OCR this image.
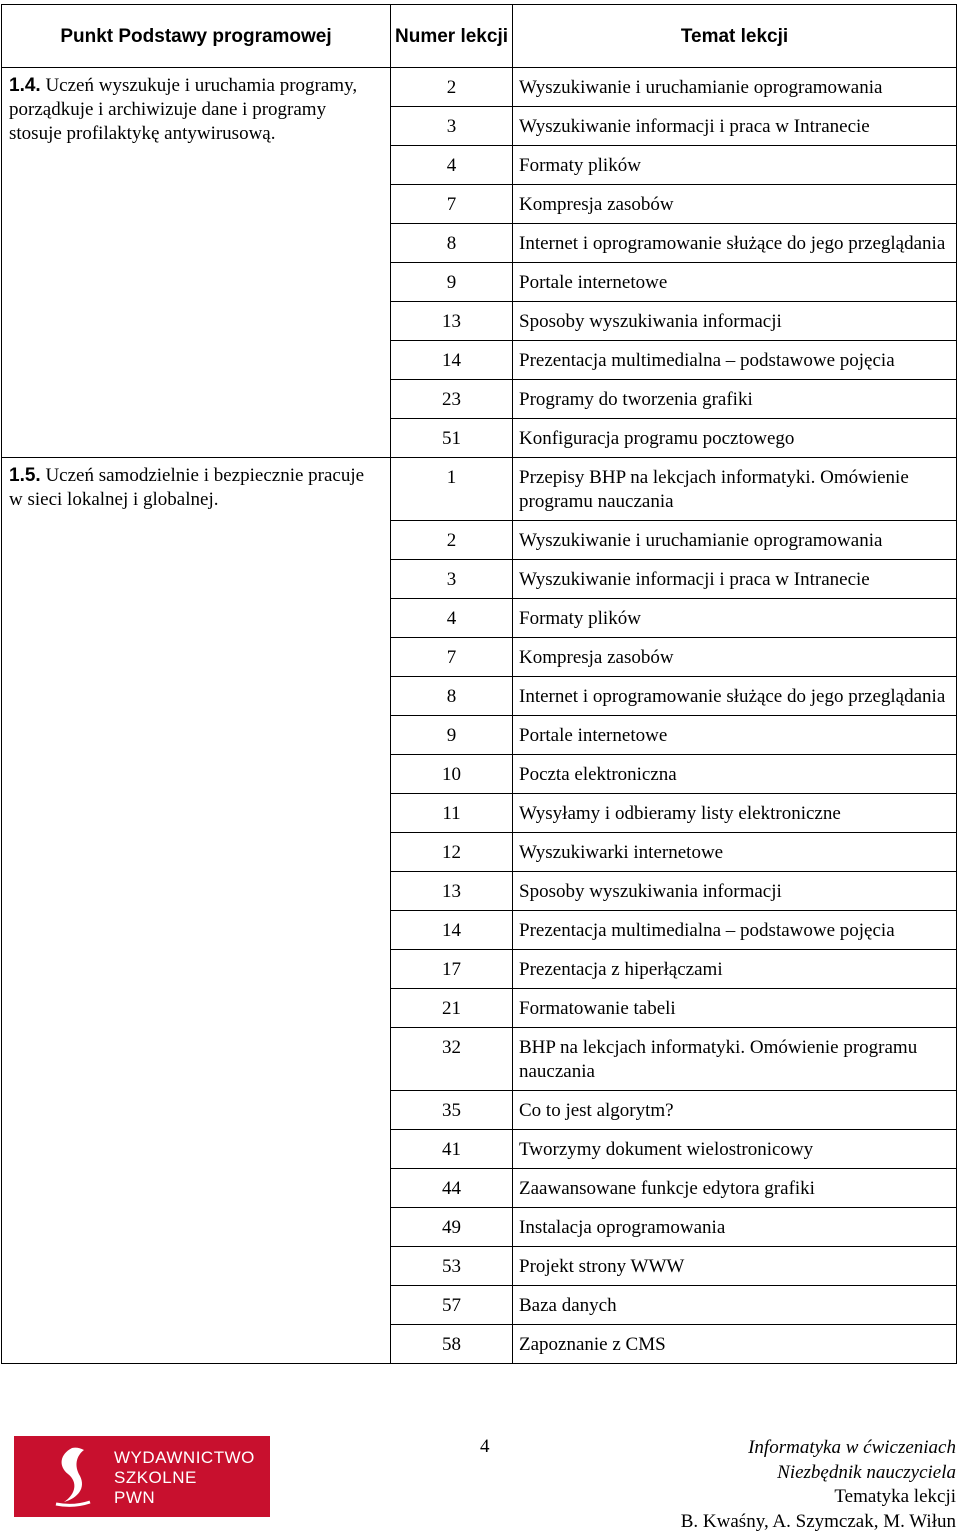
Punkt Podstawy programowej	Numer lekcji	Temat lekcji
1.4. Uczeń wyszukuje i uruchamia programy, porządkuje i archiwizuje dane i programy stosuje profilaktykę antywirusową.	2	Wyszukiwanie i uruchamianie oprogramowania
	3	Wyszukiwanie informacji i praca w Intranecie
	4	Formaty plików
	7	Kompresja zasobów
	8	Internet i oprogramowanie służące do jego przeglądania
	9	Portale internetowe
	13	Sposoby wyszukiwania informacji
	14	Prezentacja multimedialna – podstawowe pojęcia
	23	Programy do tworzenia grafiki
	51	Konfiguracja programu pocztowego
1.5. Uczeń samodzielnie i bezpiecznie pracuje w sieci lokalnej i globalnej.	1	Przepisy BHP na lekcjach informatyki. Omówienie programu nauczania
	2	Wyszukiwanie i uruchamianie oprogramowania
	3	Wyszukiwanie informacji i praca w Intranecie
	4	Formaty plików
	7	Kompresja zasobów
	8	Internet i oprogramowanie służące do jego przeglądania
	9	Portale internetowe
	10	Poczta elektroniczna
	11	Wysyłamy i odbieramy listy elektroniczne
	12	Wyszukiwarki internetowe
	13	Sposoby wyszukiwania informacji
	14	Prezentacja multimedialna – podstawowe pojęcia
	17	Prezentacja z hiperłączami
	21	Formatowanie tabeli
	32	BHP na lekcjach informatyki. Omówienie programu nauczania
	35	Co to jest algorytm?
	41	Tworzymy dokument wielostronicowy
	44	Zaawansowane funkcje edytora grafiki
	49	Instalacja oprogramowania
	53	Projekt strony WWW
	57	Baza danych
	58	Zapoznanie z CMS
WYDAWNICTWO
SZKOLNE
PWN
4	Informatyka w ćwiczeniach
Niezbędnik nauczyciela
Tematyka lekcji
B. Kwaśny, A. Szymczak, M. Wiłun
